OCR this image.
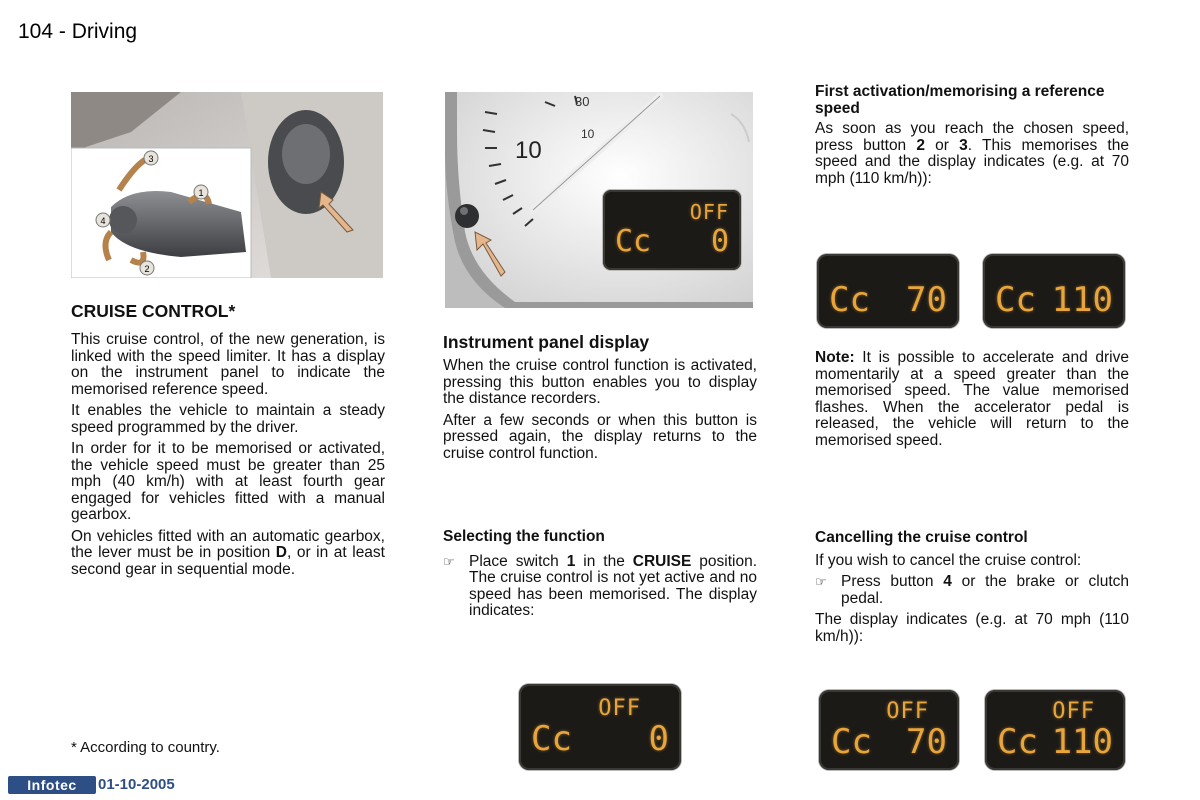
104 - Driving
3
1
4
2
CRUISE CONTROL*

This cruise control, of the new generation, is linked with the speed limiter. It has a display on the instrument panel to indicate the memorised reference speed.

It enables the vehicle to maintain a steady speed programmed by the driver.

In order for it to be memorised or activated, the vehicle speed must be greater than 25 mph (40 km/h) with at least fourth gear engaged for vehicles fitted with a manual gearbox.

On vehicles fitted with an automatic gearbox, the lever must be in position D, or in at least second gear in sequential mode.

* According to country.
30
10
10
OFF
Cc 0
Instrument panel display

When the cruise control function is activated, pressing this button enables you to display the distance recorders.

After a few seconds or when this button is pressed again, the display returns to the cruise control function.

Selecting the function
☞ Place switch 1 in the CRUISE position. The cruise control is not yet active and no speed has been memorised. The display indicates:
OFF
Cc 0
First activation/memorising a reference speed

As soon as you reach the chosen speed, press button 2 or 3. This memorises the speed and the display indicates (e.g. at 70 mph (110 km/h)):

Cc 70 Cc 110

Note: It is possible to accelerate and drive momentarily at a speed greater than the memorised speed. The value memorised flashes. When the accelerator pedal is released, the vehicle will return to the memorised speed.

Cancelling the cruise control

If you wish to cancel the cruise control:

☞ Press button 4 or the brake or clutch pedal.

The display indicates (e.g. at 70 mph (110 km/h)):

OFF
Cc 70
OFF
Cc 110
Infotec	01-10-2005
